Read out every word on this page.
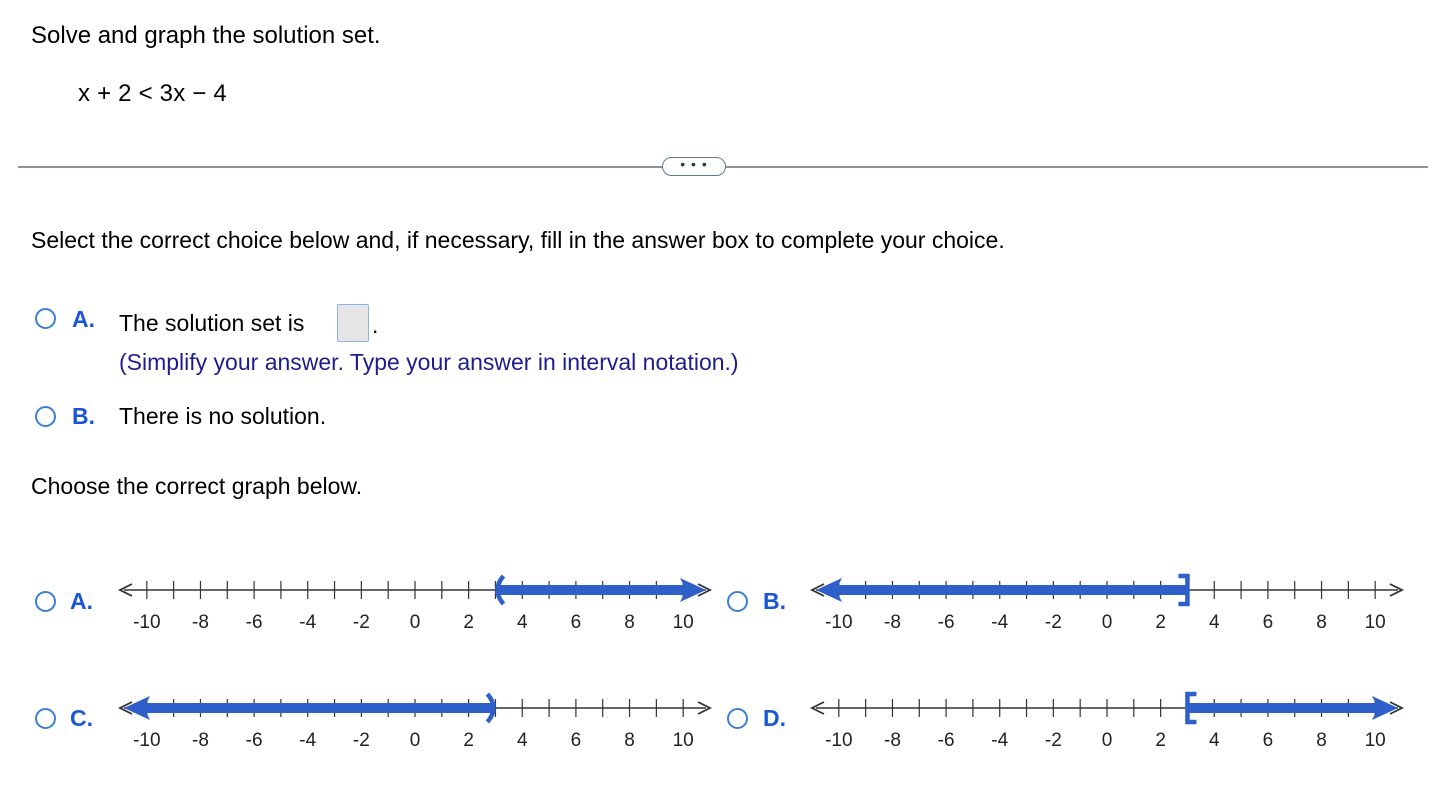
Solve and graph the solution set.
x + 2 < 3x − 4
• • •
Select the correct choice below and, if necessary, fill in the answer box to complete your choice.
A. The solution set is	.
(Simplify your answer. Type your answer in interval notation.)
B. There is no solution.
Choose the correct graph below.
A.
-10 -8 -6 -4 -2 0 2 4 6 8 10
B.
-10 -8 -6 -4 -2 0 2 4 6 8 10
C.
-10 -8 -6 -4 -2 0 2 4 6 8 10
D.
-10 -8 -6 -4 -2 0 2 4 6 8 10
